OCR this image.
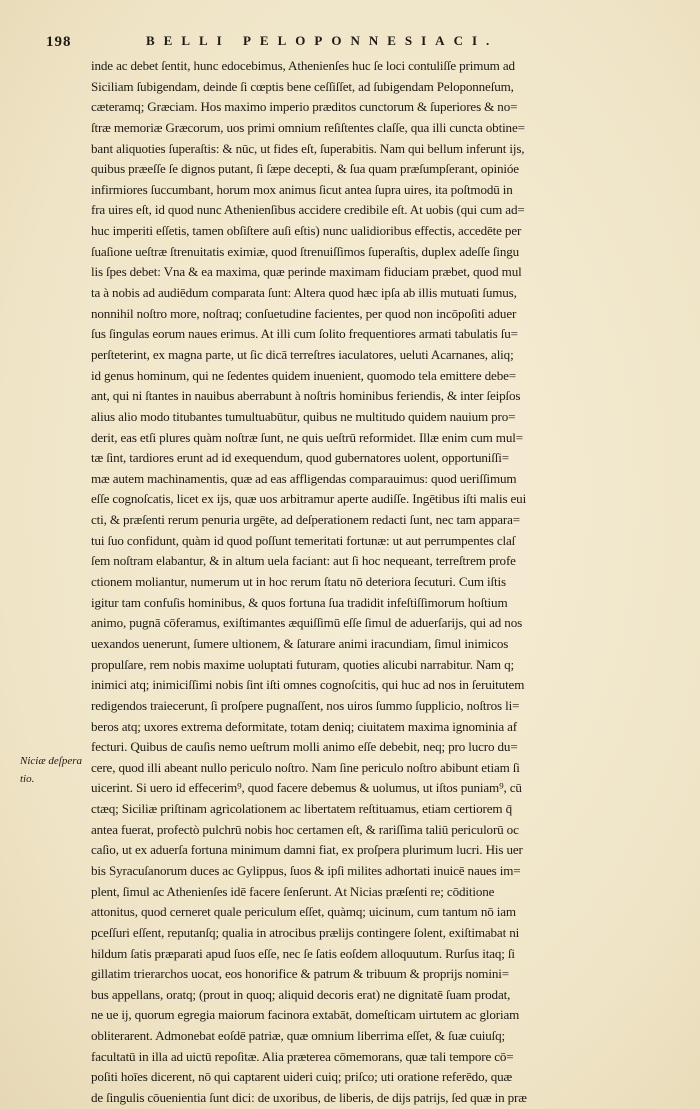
198	BELLI PELOPONNESIACI.
Niciæ deſpera
tio.
inde ac debet ſentit, hunc edocebimus, Athenienſes huc ſe loci contuliſſe primum ad
Siciliam ſubigendam, deinde ſi cœptis bene ceſſiſſet, ad ſubigendam Peloponneſum,
cæteramq; Græciam. Hos maximo imperio præditos cunctorum & ſuperiores & no=
ſtræ memoriæ Græcorum, uos primi omnium reſiſtentes claſſe, qua illi cuncta obtine=
bant aliquoties ſuperaſtis: & nūc, ut fides eſt, ſuperabitis. Nam qui bellum inferunt ijs,
quibus præeſſe ſe dignos putant, ſi ſæpe decepti, & ſua quam præſumpſerant, opinióe
infirmiores ſuccumbant, horum mox animus ſicut antea ſupra uires, ita poſtmodū in
fra uires eſt, id quod nunc Athenienſibus accidere credibile eſt. At uobis (qui cum ad=
huc imperiti eſſetis, tamen obſiſtere auſi eſtis) nunc ualidioribus effectis, accedēte per
ſuaſione ueſtræ ſtrenuitatis eximiæ, quod ſtrenuiſſimos ſuperaſtis, duplex adeſſe ſingu
lis ſpes debet: Vna & ea maxima, quæ perinde maximam fiduciam præbet, quod mul
ta à nobis ad audiēdum comparata ſunt: Altera quod hæc ipſa ab illis mutuati ſumus,
nonnihil noſtro more, noſtraq; conſuetudine facientes, per quod non incōpoſiti aduer
ſus ſingulas eorum naues erimus. At illi cum ſolito frequentiores armati tabulatis ſu=
perſteterint, ex magna parte, ut ſic dicā terreſtres iaculatores, ueluti Acarnanes, aliq;
id genus hominum, qui ne ſedentes quidem inuenient, quomodo tela emittere debe=
ant, qui ni ſtantes in nauibus aberrabunt à noſtris hominibus feriendis, & inter ſeipſos
alius alio modo titubantes tumultuabūtur, quibus ne multitudo quidem nauium pro=
derit, eas etſi plures quàm noſtræ ſunt, ne quis ueſtrū reformidet. Illæ enim cum mul=
tæ ſint, tardiores erunt ad id exequendum, quod gubernatores uolent, opportuniſſi=
mæ autem machinamentis, quæ ad eas affligendas comparauimus: quod ueriſſimum
eſſe cognoſcatis, licet ex ijs, quæ uos arbitramur aperte audiſſe. Ingētibus iſti malis eui
cti, & præſenti rerum penuria urgēte, ad deſperationem redacti ſunt, nec tam appara=
tui ſuo confidunt, quàm id quod poſſunt temeritati fortunæ: ut aut perrumpentes claſ
ſem noſtram elabantur, & in altum uela faciant: aut ſi hoc nequeant, terreſtrem profe
ctionem moliantur, numerum ut in hoc rerum ſtatu nō deteriora ſecuturi. Cum iſtis
igitur tam confuſis hominibus, & quos fortuna ſua tradidit infeſtiſſimorum hoſtium
animo, pugnā cōferamus, exiſtimantes æquiſſimū eſſe ſimul de aduerſarijs, qui ad nos
uexandos uenerunt, ſumere ultionem, & ſaturare animi iracundiam, ſimul inimicos
propulſare, rem nobis maxime uoluptati futuram, quoties alicubi narrabitur. Nam q;
inimici atq; inimiciſſimi nobis ſint iſti omnes cognoſcitis, qui huc ad nos in ſeruitutem
redigendos traiecerunt, ſi proſpere pugnaſſent, nos uiros ſummo ſupplicio, noſtros li=
beros atq; uxores extrema deformitate, totam deniq; ciuitatem maxima ignominia af
fecturi. Quibus de cauſis nemo ueſtrum molli animo eſſe debebit, neq; pro lucro du=
cere, quod illi abeant nullo periculo noſtro. Nam ſine periculo noſtro abibunt etiam ſi
uicerint. Si uero id effecerim⁹, quod facere debemus & uolumus, ut iſtos puniam⁹, cū
ctæq; Siciliæ priſtinam agricolationem ac libertatem reſtituamus, etiam certiorem q̄
antea fuerat, profectò pulchrū nobis hoc certamen eſt, & rariſſima taliū periculorū oc
caſio, ut ex aduerſa fortuna minimum damni fiat, ex proſpera plurimum lucri. His uer
bis Syracuſanorum duces ac Gylippus, ſuos & ipſi milites adhortati inuicē naues im=
plent, ſimul ac Athenienſes idē facere ſenſerunt. At Nicias præſenti re; cōditione
attonitus, quod cerneret quale periculum eſſet, quàmq; uicinum, cum tantum nō iam
pceſſuri eſſent, reputanſq; qualia in atrocibus prælijs contingere ſolent, exiſtimabat ni
hildum ſatis præparati apud ſuos eſſe, nec ſe ſatis eoſdem alloquutum. Rurſus itaq; ſi
gillatim trierarchos uocat, eos honorifice & patrum & tribuum & proprijs nomini=
bus appellans, oratq; (prout in quoq; aliquid decoris erat) ne dignitatē ſuam prodat,
ne ue ij, quorum egregia maiorum facinora extabāt, domeſticam uirtutem ac gloriam
obliterarent. Admonebat eoſdē patriæ, quæ omnium liberrima eſſet, & ſuæ cuiuſq;
facultatū in illa ad uictū repoſitæ. Alia præterea cōmemorans, quæ tali tempore cō=
poſiti hoīes dicerent, nō qui captarent uideri cuiq; priſco; uti oratione referēdo, quæ
de ſingulis cōuenientia ſunt dici: de uxoribus, de liberis, de dijs patrijs, ſed quæ in præ
